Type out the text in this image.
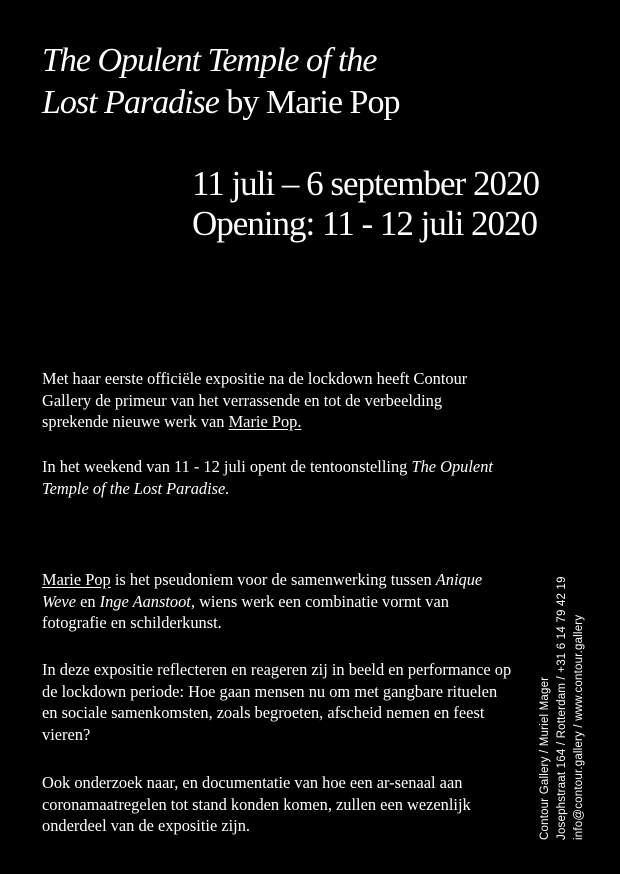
The Opulent Temple of the
Lost Paradise by Marie Pop
11 juli – 6 september 2020
Opening: 11 - 12 juli 2020

Met haar eerste officiële expositie na de lockdown heeft Contour Gallery de primeur van het verrassende en tot de verbeelding sprekende nieuwe werk van Marie Pop.

In het weekend van 11 - 12 juli opent de tentoonstelling The Opulent Temple of the Lost Paradise.

Marie Pop is het pseudoniem voor de samenwerking tussen Anique Weve en Inge Aanstoot, wiens werk een combinatie vormt van fotografie en schilderkunst.

In deze expositie reflecteren en reageren zij in beeld en performance op de lockdown periode: Hoe gaan mensen nu om met gangbare rituelen en sociale samenkomsten, zoals begroeten, afscheid nemen en feest vieren?

Ook onderzoek naar, en documentatie van hoe een ar-senaal aan coronamaatregelen tot stand konden komen, zullen een wezenlijk onderdeel van de expositie zijn.	Contour Gallery / Muriel Mager Josephstraat 164 / Rotterdam / +31 6 14 79 42 19 info@contour.gallery / www.contour.gallery
